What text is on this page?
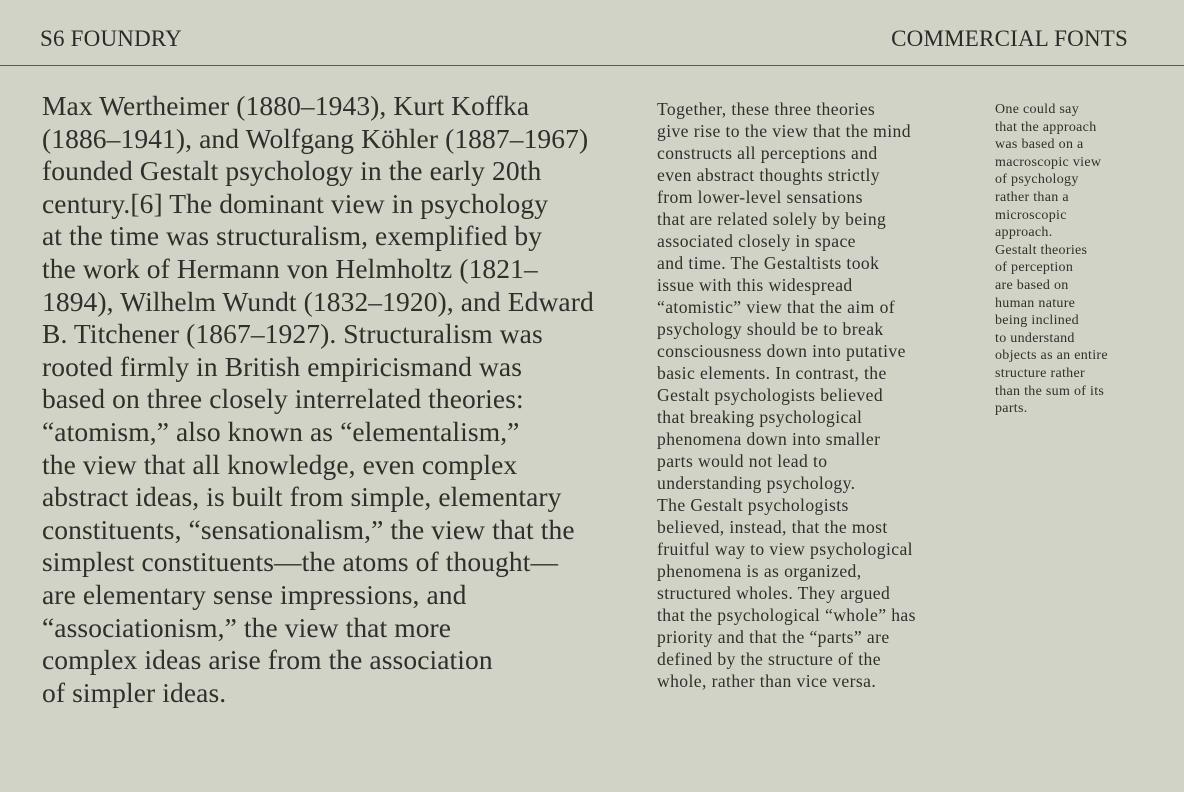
S6 FOUNDRY	COMMERCIAL FONTS
Max Wertheimer (1880–1943), Kurt Koffka
(1886–1941), and Wolfgang Köhler (1887–1967)
founded Gestalt psychology in the early 20th
century.[6] The dominant view in psychology
at the time was structuralism, exemplified by
the work of Hermann von Helmholtz (1821–
1894), Wilhelm Wundt (1832–1920), and Edward
B. Titchener (1867–1927). Structuralism was
rooted firmly in British empiricismand was
based on three closely interrelated theories:
“atomism,” also known as “elementalism,”
the view that all knowledge, even complex
abstract ideas, is built from simple, elementary
constituents, “sensationalism,” the view that the
simplest constituents—the atoms of thought—
are elementary sense impressions, and
“associationism,” the view that more
complex ideas arise from the association
of simpler ideas.
Together, these three theories
give rise to the view that the mind
constructs all perceptions and
even abstract thoughts strictly
from lower-level sensations
that are related solely by being
associated closely in space
and time. The Gestaltists took
issue with this widespread
“atomistic” view that the aim of
psychology should be to break
consciousness down into putative
basic elements. In contrast, the
Gestalt psychologists believed
that breaking psychological
phenomena down into smaller
parts would not lead to
understanding psychology.
The Gestalt psychologists
believed, instead, that the most
fruitful way to view psychological
phenomena is as organized,
structured wholes. They argued
that the psychological “whole” has
priority and that the “parts” are
defined by the structure of the
whole, rather than vice versa.
One could say
that the approach
was based on a
macroscopic view
of psychology
rather than a
microscopic
approach.
Gestalt theories
of perception
are based on
human nature
being inclined
to understand
objects as an entire
structure rather
than the sum of its
parts.
